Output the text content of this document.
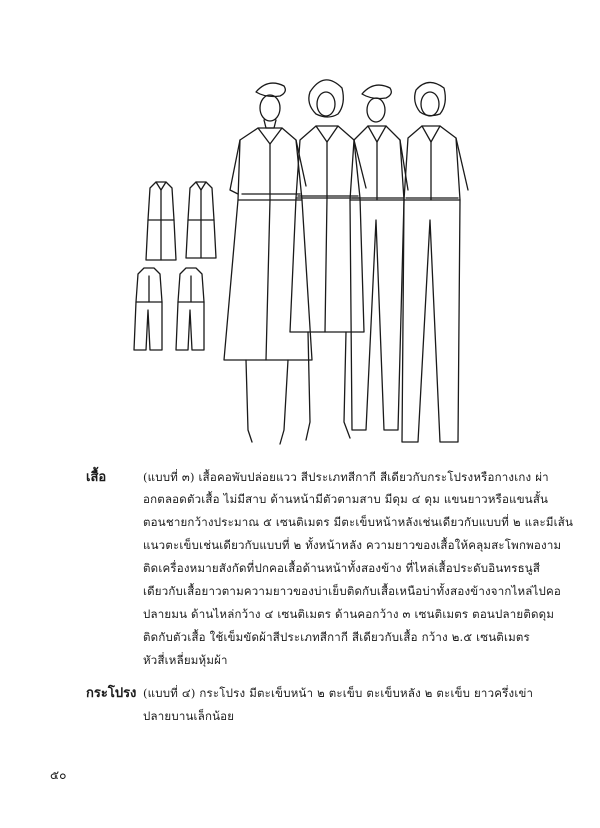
เสื้อ	(แบบที่ ๓) เสื้อคอพับปล่อยแวว สีประเภทสีกากี สีเดียวกับกระโปรงหรือกางเกง ผ่า
อกตลอดตัวเสื้อ ไม่มีสาบ ด้านหน้ามีตัวตามสาบ มีดุม ๔ ดุม แขนยาวหรือแขนสั้น
ตอนชายกว้างประมาณ ๕ เซนติเมตร มีตะเข็บหน้าหลังเช่นเดียวกับแบบที่ ๒ และมีเส้น
แนวตะเข็บเช่นเดียวกับแบบที่ ๒ ทั้งหน้าหลัง ความยาวของเสื้อให้คลุมสะโพกพองาม
ติดเครื่องหมายสังกัดที่ปกคอเสื้อด้านหน้าทั้งสองข้าง ที่ไหล่เสื้อประดับอินทรธนูสี
เดียวกับเสื้อยาวตามความยาวของบ่าเย็บติดกับเสื้อเหนือบ่าทั้งสองข้างจากไหล่ไปคอ
ปลายมน ด้านไหล่กว้าง ๔ เซนติเมตร ด้านคอกว้าง ๓ เซนติเมตร ตอนปลายติดดุม
ติดกับตัวเสื้อ ใช้เข็มขัดผ้าสีประเภทสีกากี สีเดียวกับเสื้อ กว้าง ๒.๕ เซนติเมตร
หัวสี่เหลี่ยมหุ้มผ้า
กระโปรง (แบบที่ ๔) กระโปรง มีตะเข็บหน้า ๒ ตะเข็บ ตะเข็บหลัง ๒ ตะเข็บ ยาวครึ่งเข่า
ปลายบานเล็กน้อย
๕๐
